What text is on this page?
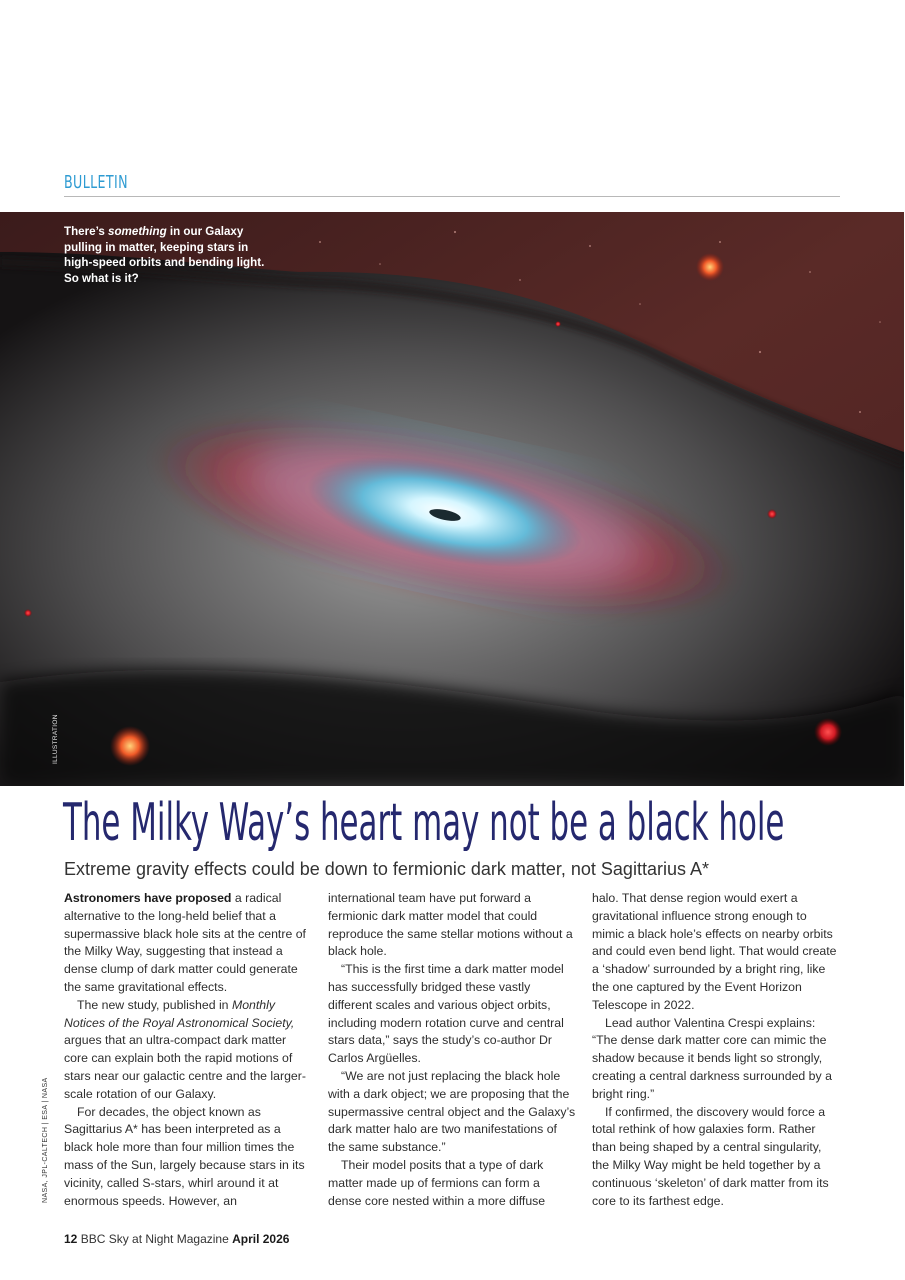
BULLETIN
There’s something in our Galaxy pulling in matter, keeping stars in high-speed orbits and bending light. So what is it?
ILLUSTRATION
The Milky Way’s heart may not be a black hole

Extreme gravity effects could be down to fermionic dark matter, not Sagittarius A*

Astronomers have proposed a radical alternative to the long-held belief that a supermassive black hole sits at the centre of the Milky Way, suggesting that instead a dense clump of dark matter could generate the same gravitational effects.

The new study, published in Monthly Notices of the Royal Astronomical Society, argues that an ultra-compact dark matter core can explain both the rapid motions of stars near our galactic centre and the larger-scale rotation of our Galaxy.

For decades, the object known as Sagittarius A* has been interpreted as a black hole more than four million times the mass of the Sun, largely because stars in its vicinity, called S-stars, whirl around it at enormous speeds. However, an

international team have put forward a fermionic dark matter model that could reproduce the same stellar motions without a black hole.

“This is the first time a dark matter model has successfully bridged these vastly different scales and various object orbits, including modern rotation curve and central stars data,” says the study’s co-author Dr Carlos Argüelles.

“We are not just replacing the black hole with a dark object; we are proposing that the supermassive central object and the Galaxy’s dark matter halo are two manifestations of the same substance.”

Their model posits that a type of dark matter made up of fermions can form a dense core nested within a more diffuse

halo. That dense region would exert a gravitational influence strong enough to mimic a black hole’s effects on nearby orbits and could even bend light. That would create a ‘shadow’ surrounded by a bright ring, like the one captured by the Event Horizon Telescope in 2022.

Lead author Valentina Crespi explains: “The dense dark matter core can mimic the shadow because it bends light so strongly, creating a central darkness surrounded by a bright ring.”

If confirmed, the discovery would force a total rethink of how galaxies form. Rather than being shaped by a central singularity, the Milky Way might be held together by a continuous ‘skeleton’ of dark matter from its core to its farthest edge.

NASA, JPL-CALTECH | ESA | NASA
12 BBC Sky at Night Magazine April 2026
